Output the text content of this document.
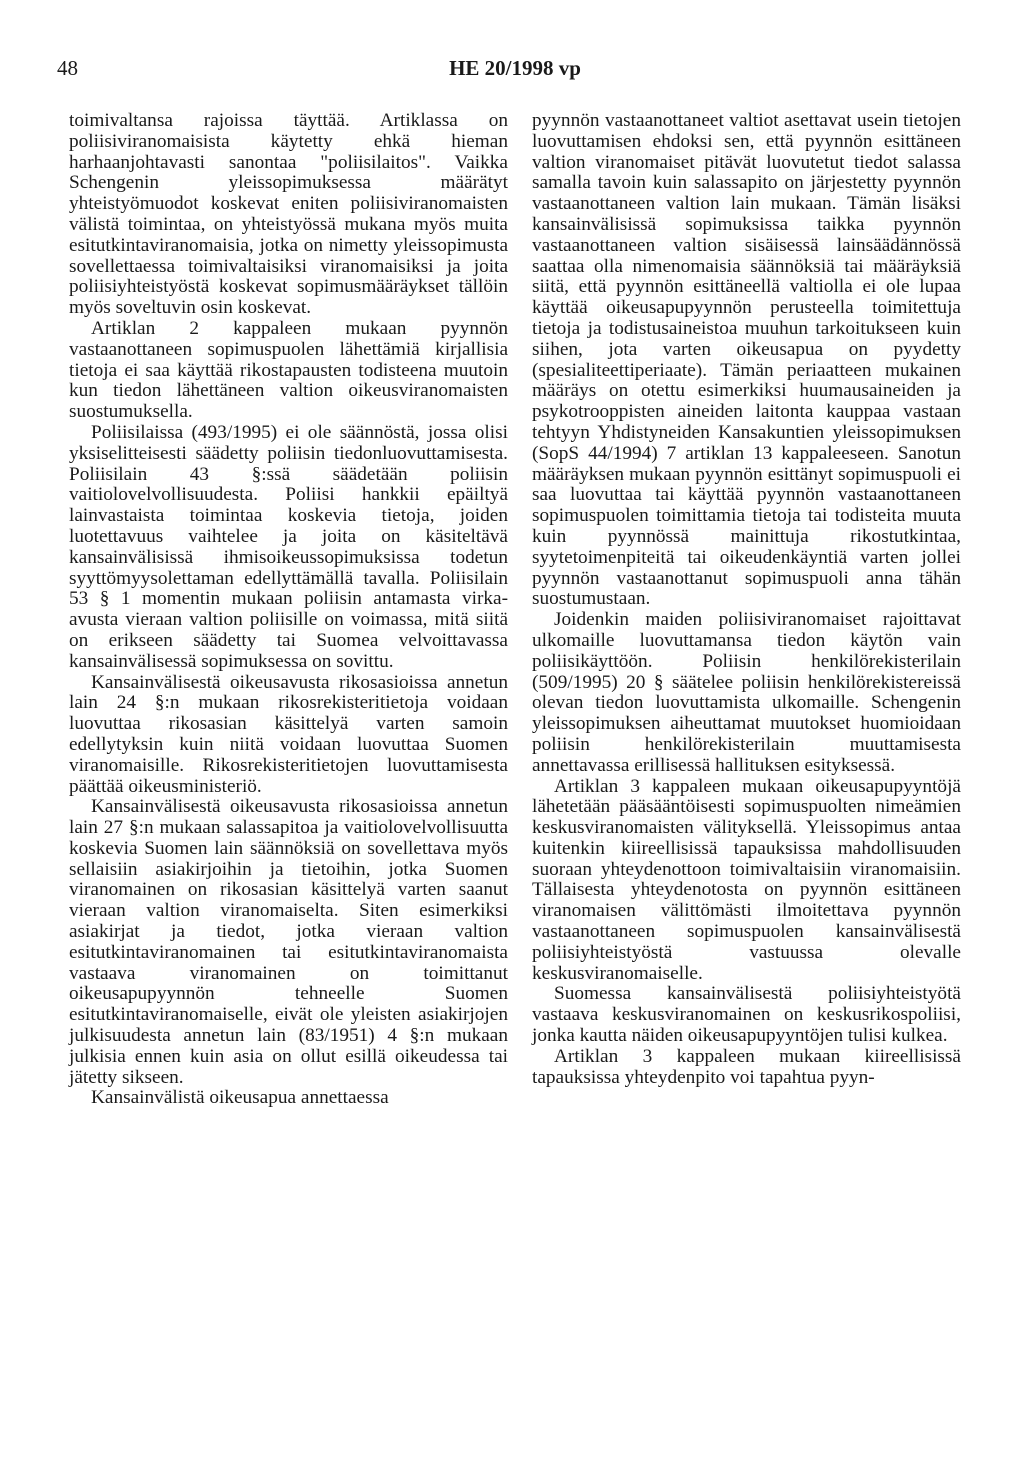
48	HE 20/1998 vp

toimivaltansa rajoissa täyttää. Artiklassa on poliisiviranomaisista käytetty ehkä hieman harhaanjohtavasti sanontaa "poliisilaitos". Vaikka Schengenin yleissopimuksessa määrätyt yhteistyömuodot koskevat eniten poliisiviranomaisten välistä toimintaa, on yhteistyössä mukana myös muita esitutkintaviranomaisia, jotka on nimetty yleissopimusta sovellettaessa toimivaltaisiksi viranomaisiksi ja joita poliisiyhteistyöstä koskevat sopimusmääräykset tällöin myös soveltuvin osin koskevat.

Artiklan 2 kappaleen mukaan pyynnön vastaanottaneen sopimuspuolen lähettämiä kirjallisia tietoja ei saa käyttää rikostapausten todisteena muutoin kun tiedon lähettäneen valtion oikeusviranomaisten suostumuksella.

Poliisilaissa (493/1995) ei ole säännöstä, jossa olisi yksiselitteisesti säädetty poliisin tiedonluovuttamisesta. Poliisilain 43 §:ssä säädetään poliisin vaitiolovelvollisuudesta. Poliisi hankkii epäiltyä lainvastaista toimintaa koskevia tietoja, joiden luotettavuus vaihtelee ja joita on käsiteltävä kansainvälisissä ihmisoikeussopimuksissa todetun syyttömyysolettaman edellyttämällä tavalla. Poliisilain 53 § 1 momentin mukaan poliisin antamasta virka-avusta vieraan valtion poliisille on voimassa, mitä siitä on erikseen säädetty tai Suomea velvoittavassa kansainvälisessä sopimuksessa on sovittu.

Kansainvälisestä oikeusavusta rikosasioissa annetun lain 24 §:n mukaan rikosrekisteritietoja voidaan luovuttaa rikosasian käsittelyä varten samoin edellytyksin kuin niitä voidaan luovuttaa Suomen viranomaisille. Rikosrekisteritietojen luovuttamisesta päättää oikeusministeriö.

Kansainvälisestä oikeusavusta rikosasioissa annetun lain 27 §:n mukaan salassapitoa ja vaitiolovelvollisuutta koskevia Suomen lain säännöksiä on sovellettava myös sellaisiin asiakirjoihin ja tietoihin, jotka Suomen viranomainen on rikosasian käsittelyä varten saanut vieraan valtion viranomaiselta. Siten esimerkiksi asiakirjat ja tiedot, jotka vieraan valtion esitutkintaviranomainen tai esitutkintaviranomaista vastaava viranomainen on toimittanut oikeusapupyynnön tehneelle Suomen esitutkintaviranomaiselle, eivät ole yleisten asiakirjojen julkisuudesta annetun lain (83/1951) 4 §:n mukaan julkisia ennen kuin asia on ollut esillä oikeudessa tai jätetty sikseen.

Kansainvälistä oikeusapua annettaessa

pyynnön vastaanottaneet valtiot asettavat usein tietojen luovuttamisen ehdoksi sen, että pyynnön esittäneen valtion viranomaiset pitävät luovutetut tiedot salassa samalla tavoin kuin salassapito on järjestetty pyynnön vastaanottaneen valtion lain mukaan. Tämän lisäksi kansainvälisissä sopimuksissa taikka pyynnön vastaanottaneen valtion sisäisessä lainsäädännössä saattaa olla nimenomaisia säännöksiä tai määräyksiä siitä, että pyynnön esittäneellä valtiolla ei ole lupaa käyttää oikeusapupyynnön perusteella toimitettuja tietoja ja todistusaineistoa muuhun tarkoitukseen kuin siihen, jota varten oikeusapua on pyydetty (spesialiteettiperiaate). Tämän periaatteen mukainen määräys on otettu esimerkiksi huumausaineiden ja psykotrooppisten aineiden laitonta kauppaa vastaan tehtyyn Yhdistyneiden Kansakuntien yleissopimuksen (SopS 44/1994) 7 artiklan 13 kappaleeseen. Sanotun määräyksen mukaan pyynnön esittänyt sopimuspuoli ei saa luovuttaa tai käyttää pyynnön vastaanottaneen sopimuspuolen toimittamia tietoja tai todisteita muuta kuin pyynnössä mainittuja rikostutkintaa, syytetoimenpiteitä tai oikeudenkäyntiä varten jollei pyynnön vastaanottanut sopimuspuoli anna tähän suostumustaan.

Joidenkin maiden poliisiviranomaiset rajoittavat ulkomaille luovuttamansa tiedon käytön vain poliisikäyttöön. Poliisin henkilörekisterilain (509/1995) 20 § säätelee poliisin henkilörekistereissä olevan tiedon luovuttamista ulkomaille. Schengenin yleissopimuksen aiheuttamat muutokset huomioidaan poliisin henkilörekisterilain muuttamisesta annettavassa erillisessä hallituksen esityksessä.

Artiklan 3 kappaleen mukaan oikeusapupyyntöjä lähetetään pääsääntöisesti sopimuspuolten nimeämien keskusviranomaisten välityksellä. Yleissopimus antaa kuitenkin kiireellisissä tapauksissa mahdollisuuden suoraan yhteydenottoon toimivaltaisiin viranomaisiin. Tällaisesta yhteydenotosta on pyynnön esittäneen viranomaisen välittömästi ilmoitettava pyynnön vastaanottaneen sopimuspuolen kansainvälisestä poliisiyhteistyöstä vastuussa olevalle keskusviranomaiselle.

Suomessa kansainvälisestä poliisiyhteistyötä vastaava keskusviranomainen on keskusrikospoliisi, jonka kautta näiden oikeusapupyyntöjen tulisi kulkea.

Artiklan 3 kappaleen mukaan kiireellisissä tapauksissa yhteydenpito voi tapahtua pyyn-
